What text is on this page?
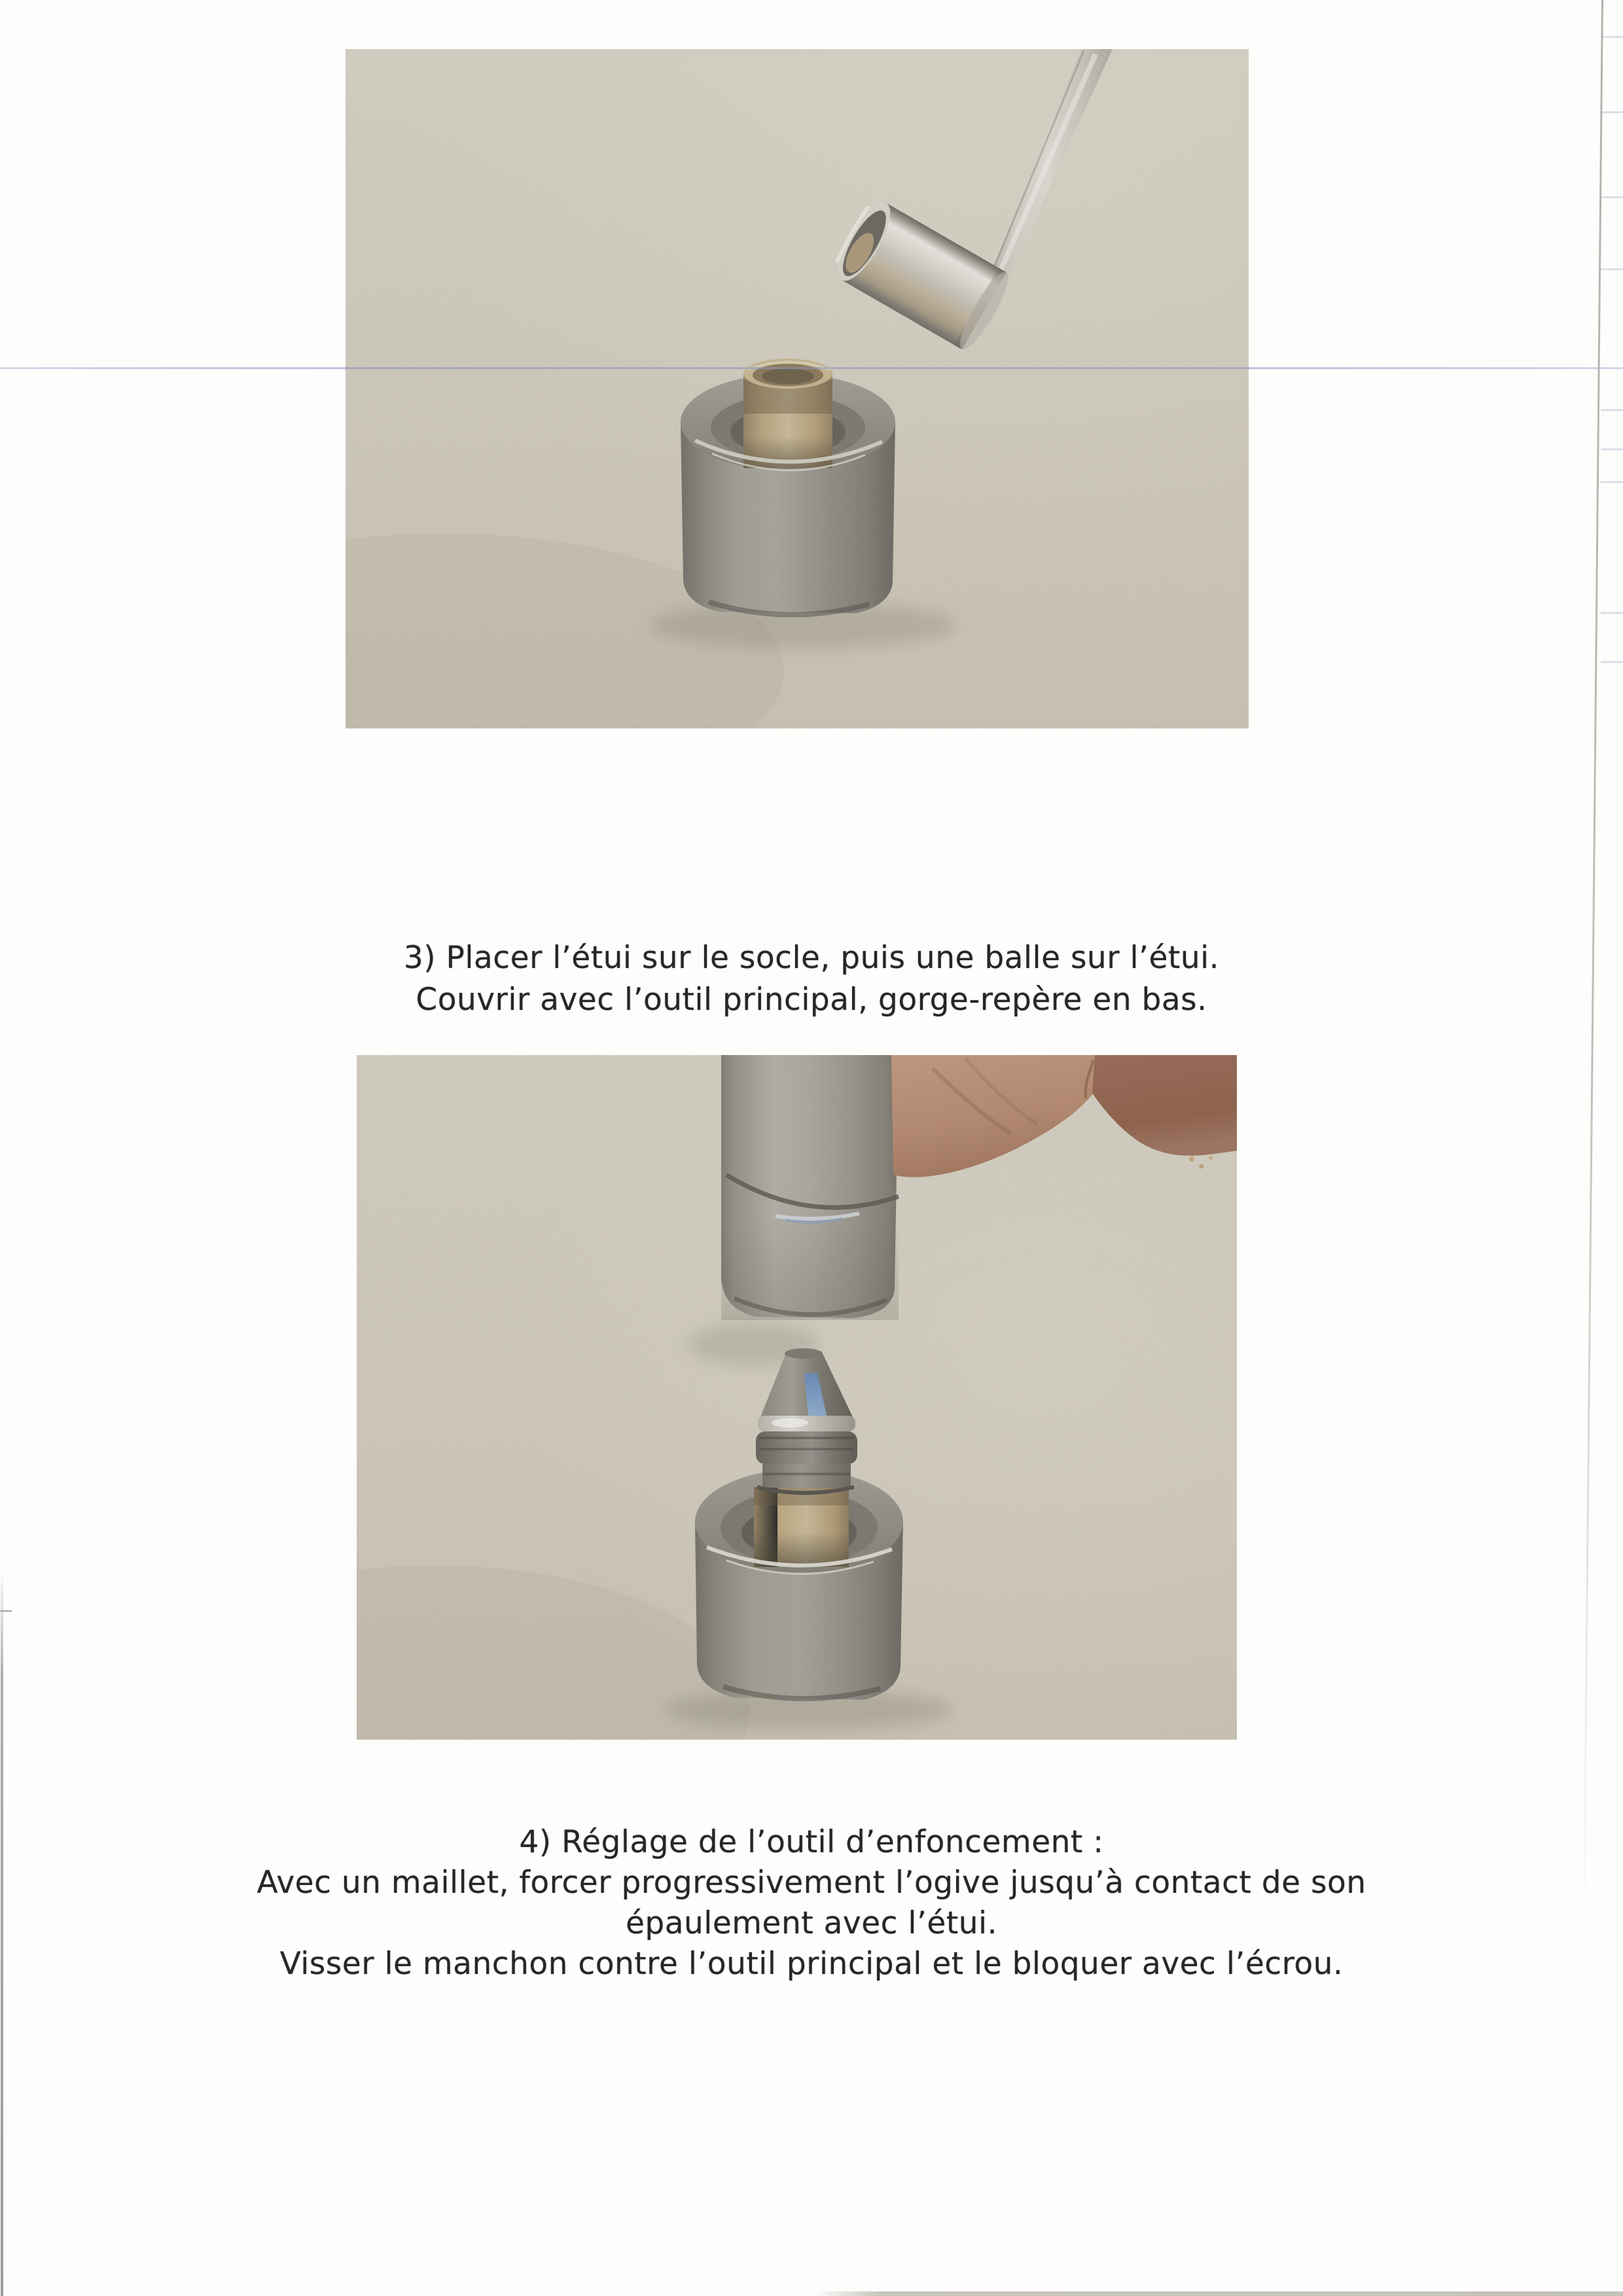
3) Placer l’étui sur le socle, puis une balle sur l’étui.
Couvrir avec l’outil principal, gorge-repère en bas.
4) Réglage de l’outil d’enfoncement :
Avec un maillet, forcer progressivement l’ogive jusqu’à contact de son
épaulement avec l’étui.
Visser le manchon contre l’outil principal et le bloquer avec l’écrou.
